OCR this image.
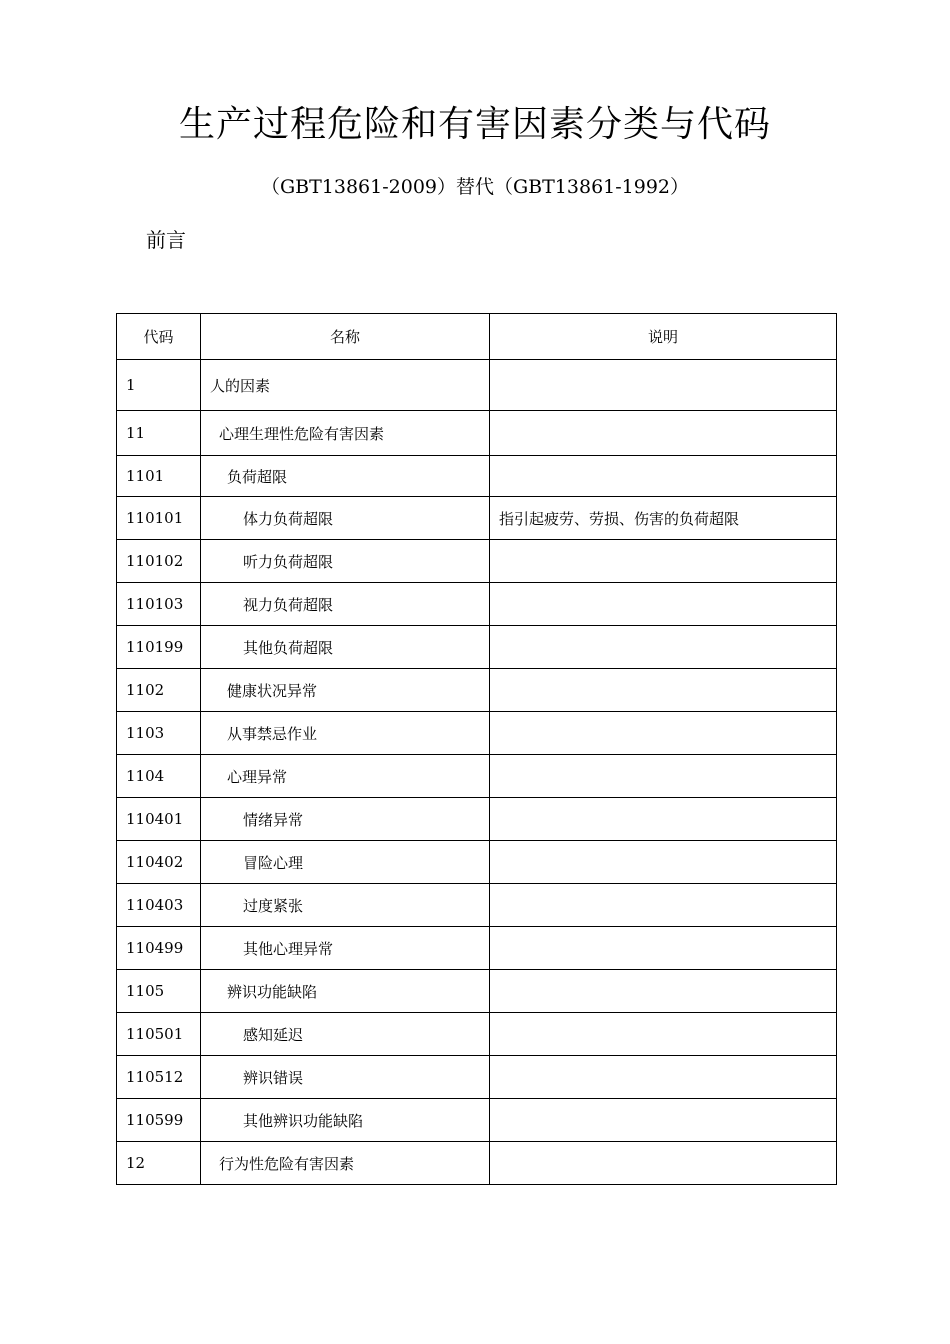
生产过程危险和有害因素分类与代码
（GBT13861-2009）替代（GBT13861-1992）
前言
代码	名称	说明
1	人的因素	
11	心理生理性危险有害因素	
1101	负荷超限	
110101	体力负荷超限	指引起疲劳、劳损、伤害的负荷超限
110102	听力负荷超限	
110103	视力负荷超限	
110199	其他负荷超限	
1102	健康状况异常	
1103	从事禁忌作业	
1104	心理异常	
110401	情绪异常	
110402	冒险心理	
110403	过度紧张	
110499	其他心理异常	
1105	辨识功能缺陷	
110501	感知延迟	
110512	辨识错误	
110599	其他辨识功能缺陷	
12	行为性危险有害因素	
